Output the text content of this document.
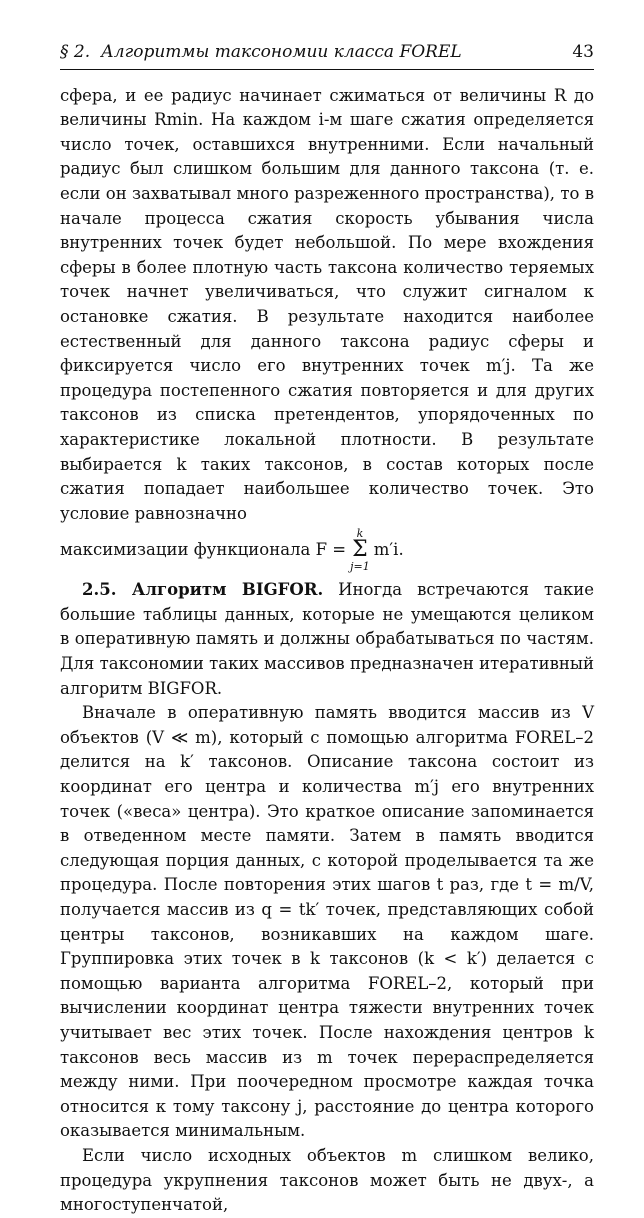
§ 2. Алгоритмы таксономии класса FOREL	43

сфера, и ее радиус начинает сжиматься от величины R до величины Rmin. На каждом i-м шаге сжатия определяется число точек, оставшихся внутренними. Если начальный радиус был слишком большим для данного таксона (т. е. если он захватывал много разреженного пространства), то в начале процесса сжатия скорость убывания числа внутренних точек будет небольшой. По мере вхождения сферы в более плотную часть таксона количество теряемых точек начнет увеличиваться, что служит сигналом к остановке сжатия. В результате находится наиболее естественный для данного таксона радиус сферы и фиксируется число его внутренних точек m′j. Та же процедура постепенного сжатия повторяется и для других таксонов из списка претендентов, упорядоченных по характеристике локальной плотности. В результате выбирается k таких таксонов, в состав которых после сжатия попадает наибольшее количество точек. Это условие равнозначно

максимизации функционала F =
k
Σ
j=1
m′i.

2.5. Алгоритм BIGFOR. Иногда встречаются такие большие таблицы данных, которые не умещаются целиком в оперативную память и должны обрабатываться по частям. Для таксономии таких массивов предназначен итеративный алгоритм BIGFOR.

Вначале в оперативную память вводится массив из V объектов (V ≪ m), который с помощью алгоритма FOREL–2 делится на k′ таксонов. Описание таксона состоит из координат его центра и количества m′j его внутренних точек («веса» центра). Это краткое описание запоминается в отведенном месте памяти. Затем в память вводится следующая порция данных, с которой проделывается та же процедура. После повторения этих шагов t раз, где t = m/V, получается массив из q = tk′ точек, представляющих собой центры таксонов, возникавших на каждом шаге. Группировка этих точек в k таксонов (k < k′) делается с помощью варианта алгоритма FOREL–2, который при вычислении координат центра тяжести внутренних точек учитывает вес этих точек. После нахождения центров k таксонов весь массив из m точек перераспределяется между ними. При поочередном просмотре каждая точка относится к тому таксону j, расстояние до центра которого оказывается минимальным.

Если число исходных объектов m слишком велико, процедура укрупнения таксонов может быть не двух-, а многоступенчатой,
